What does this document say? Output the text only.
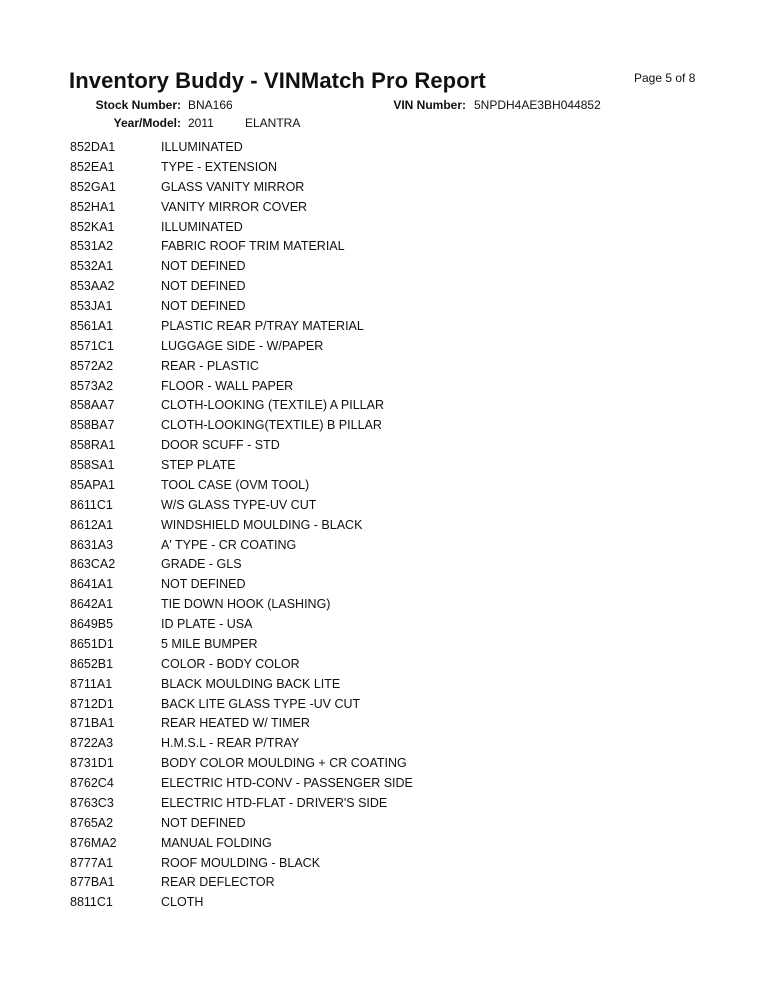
Inventory Buddy - VINMatch Pro Report	Page 5 of 8
Stock Number: BNA166	VIN Number: 5NPDH4AE3BH044852
Year/Model: 2011	ELANTRA
852DA1	ILLUMINATED
852EA1	TYPE - EXTENSION
852GA1	GLASS VANITY MIRROR
852HA1	VANITY MIRROR COVER
852KA1	ILLUMINATED
8531A2	FABRIC ROOF TRIM MATERIAL
8532A1	NOT DEFINED
853AA2	NOT DEFINED
853JA1	NOT DEFINED
8561A1	PLASTIC REAR P/TRAY MATERIAL
8571C1	LUGGAGE SIDE - W/PAPER
8572A2	REAR - PLASTIC
8573A2	FLOOR - WALL PAPER
858AA7	CLOTH-LOOKING (TEXTILE) A PILLAR
858BA7	CLOTH-LOOKING(TEXTILE) B PILLAR
858RA1	DOOR SCUFF - STD
858SA1	STEP PLATE
85APA1	TOOL CASE (OVM TOOL)
8611C1	W/S GLASS TYPE-UV CUT
8612A1	WINDSHIELD MOULDING - BLACK
8631A3	A' TYPE - CR COATING
863CA2	GRADE - GLS
8641A1	NOT DEFINED
8642A1	TIE DOWN HOOK (LASHING)
8649B5	ID PLATE - USA
8651D1	5 MILE BUMPER
8652B1	COLOR - BODY COLOR
8711A1	BLACK MOULDING BACK LITE
8712D1	BACK LITE GLASS TYPE -UV CUT
871BA1	REAR HEATED W/ TIMER
8722A3	H.M.S.L - REAR P/TRAY
8731D1	BODY COLOR MOULDING + CR COATING
8762C4	ELECTRIC HTD-CONV - PASSENGER SIDE
8763C3	ELECTRIC HTD-FLAT - DRIVER'S SIDE
8765A2	NOT DEFINED
876MA2	MANUAL FOLDING
8777A1	ROOF MOULDING - BLACK
877BA1	REAR DEFLECTOR
8811C1	CLOTH
